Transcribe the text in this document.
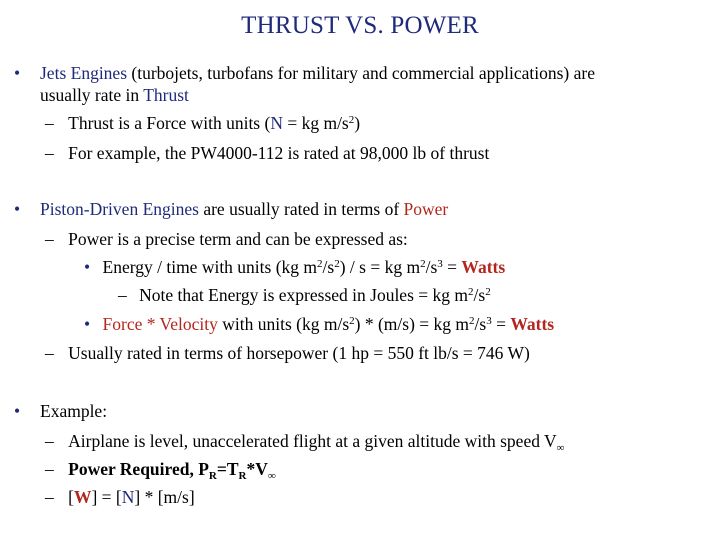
THRUST VS. POWER
• Jets Engines (turbojets, turbofans for military and commercial applications) are
usually rate in Thrust
– Thrust is a Force with units (N = kg $m/s^2$)
– For example, the PW4000-112 is rated at 98,000 lb of thrust
• Piston-Driven Engines are usually rated in terms of Power
– Power is a precise term and can be expressed as:
• Energy / time with units (kg $m^2/s^2$) / s = kg $m^2/s^3$ = Watts
– Note that Energy is expressed in Joules = kg $m^2/s^2$
• Force * Velocity with units (kg $m/s^2) * (m/s)$ = kg $m^2/s^3$ = Watts
– Usually rated in terms of horsepower (1 hp = 550 ft lb/s = 746 W)
• Example:
– Airplane is level, unaccelerated flight at a given altitude with speed $V_\infty$
– Power Required, $P_R=T_R*V_\infty$
– [W] = [N] * [m/s]
